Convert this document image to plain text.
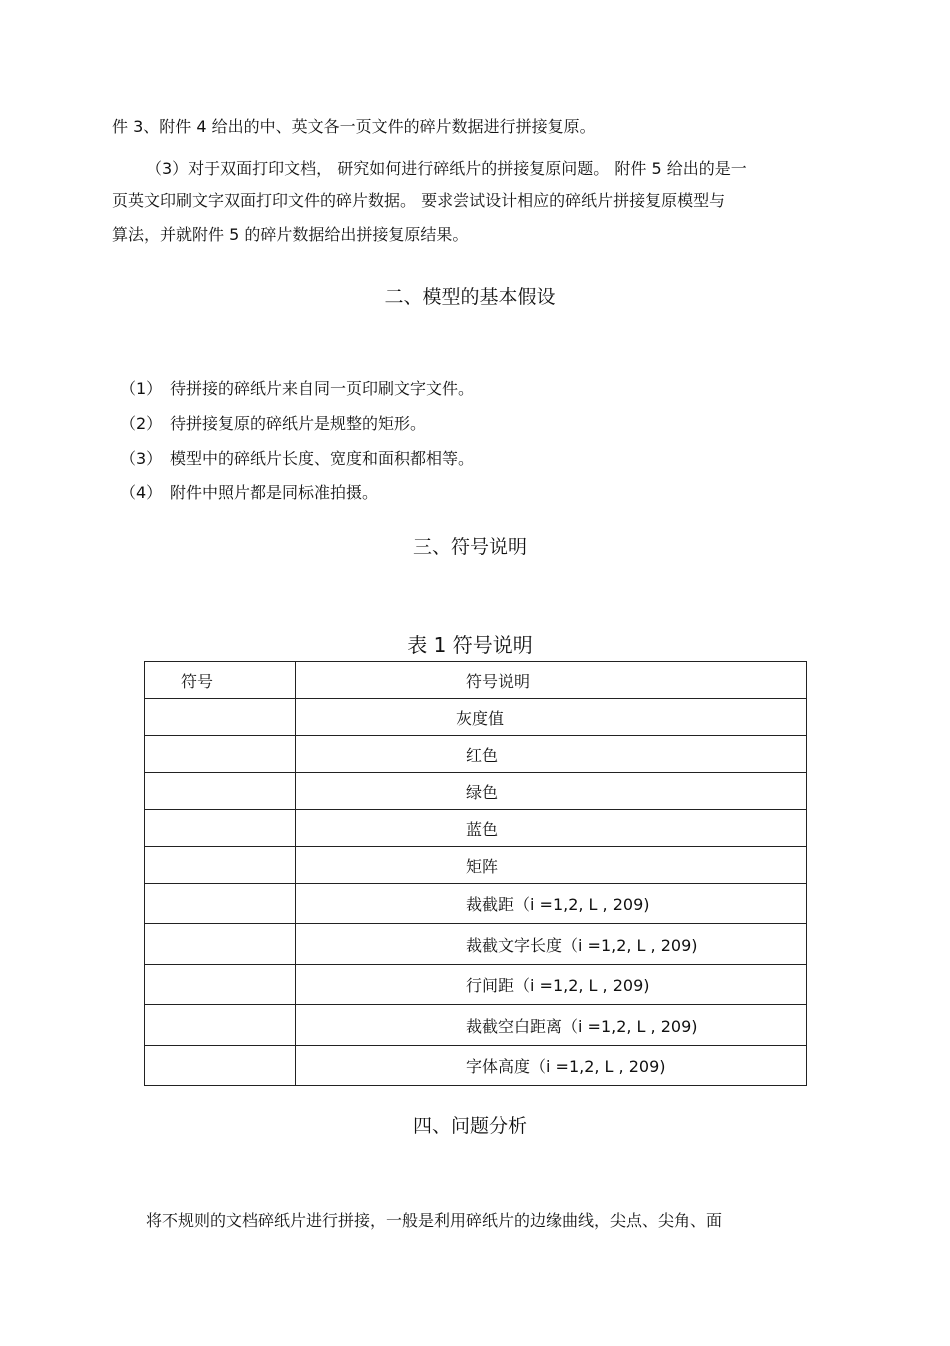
件 3、附件 4 给出的中、英文各一页文件的碎片数据进行拼接复原。
（3）对于双面打印文档， 研究如何进行碎纸片的拼接复原问题。 附件 5 给出的是一
页英文印刷文字双面打印文件的碎片数据。 要求尝试设计相应的碎纸片拼接复原模型与
算法，并就附件 5 的碎片数据给出拼接复原结果。
二、模型的基本假设
（1） 待拼接的碎纸片来自同一页印刷文字文件。
（2） 待拼接复原的碎纸片是规整的矩形。
（3） 模型中的碎纸片长度、宽度和面积都相等。
（4） 附件中照片都是同标准拍摄。
三、符号说明
表 1 符号说明
符号	符号说明
	灰度值
	红色
	绿色
	蓝色
	矩阵
	裁截距（i =1,2, L , 209)
	裁截文字长度（i =1,2, L , 209)
	行间距（i =1,2, L , 209)
	裁截空白距离（i =1,2, L , 209)
	字体高度（i =1,2, L , 209)
四、问题分析
将不规则的文档碎纸片进行拼接，一般是利用碎纸片的边缘曲线，尖点、尖角、面
